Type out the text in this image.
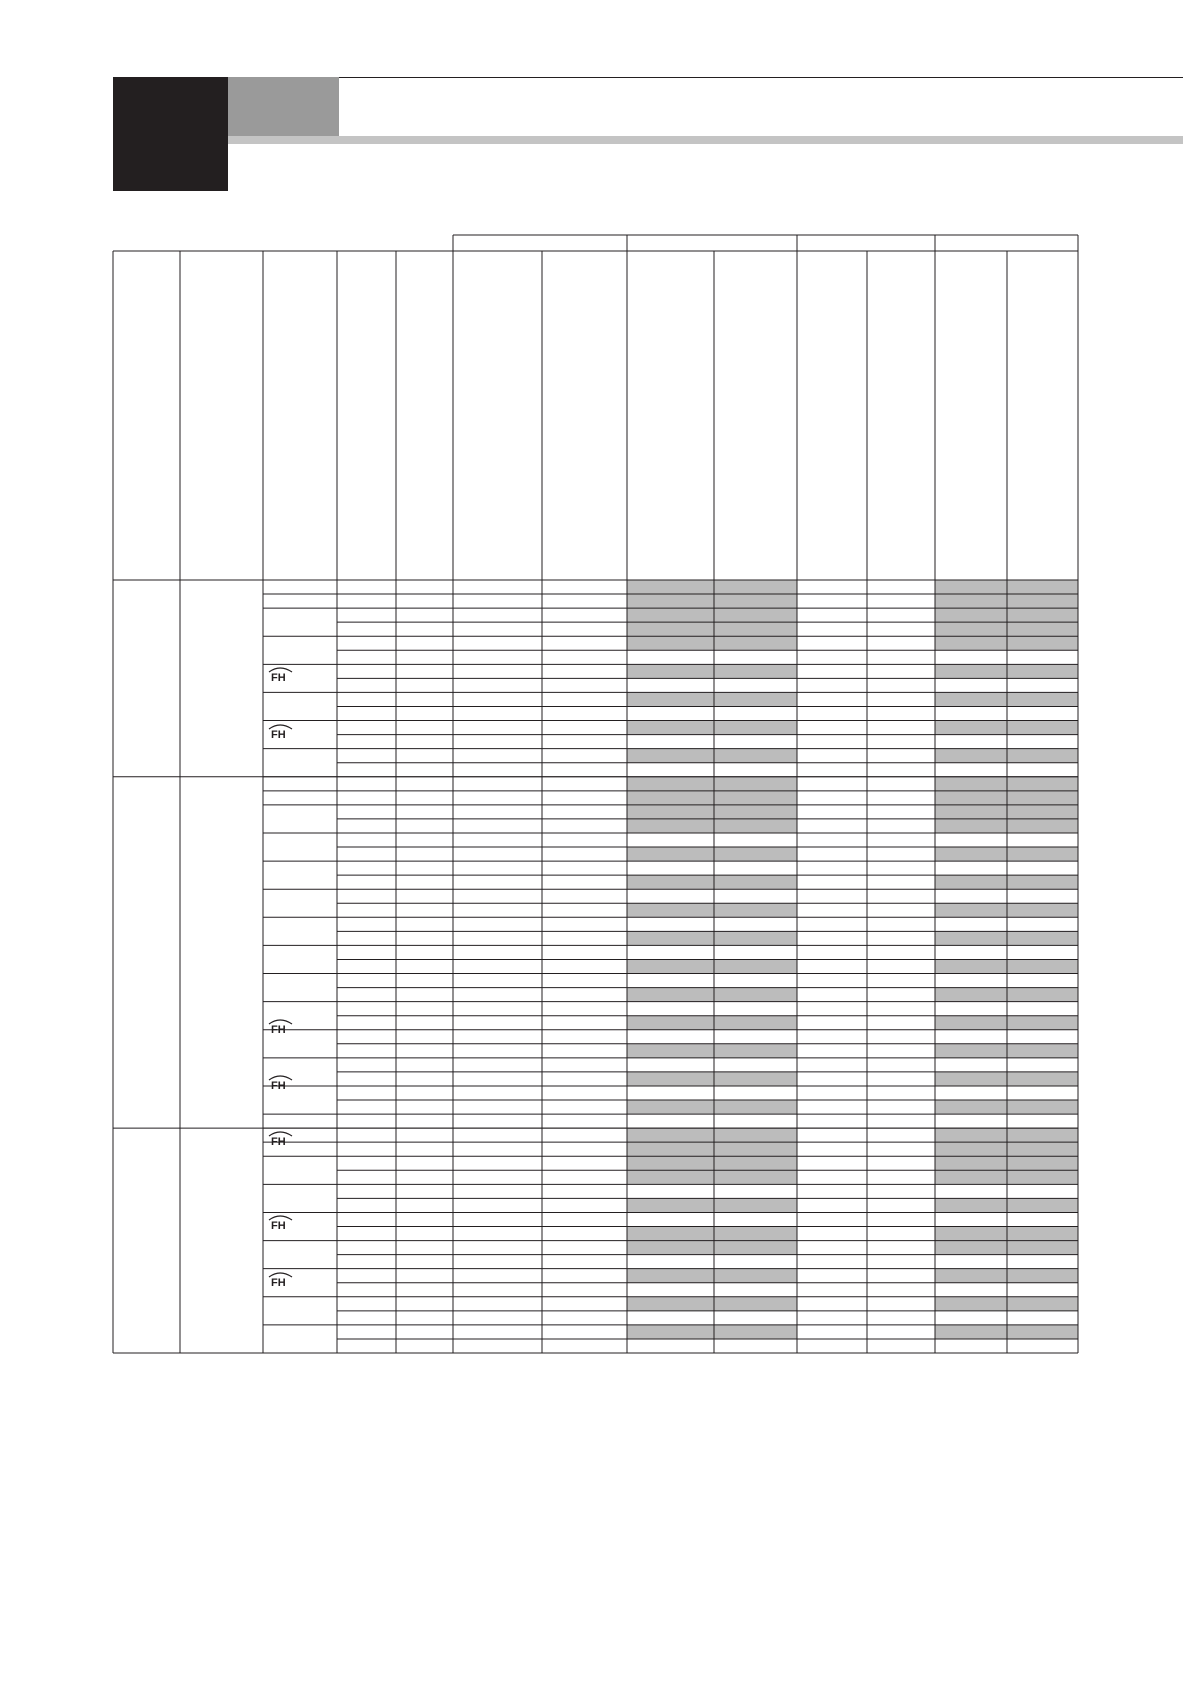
FH
FH
FH
FH
FH
FH
FH
